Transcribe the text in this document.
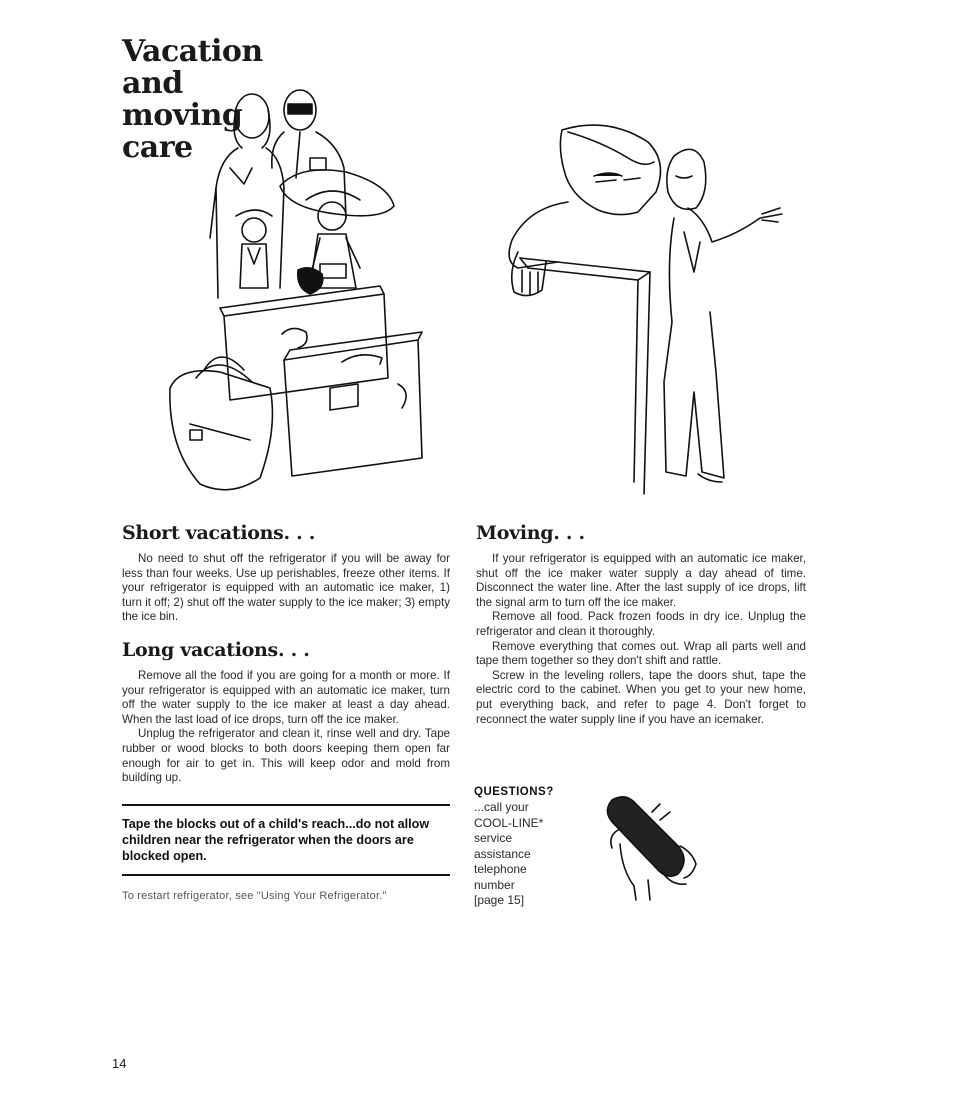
Vacation
and
moving
care
Short vacations. . .

No need to shut off the refrigerator if you will be away for less than four weeks. Use up perishables, freeze other items. If your refrigerator is equipped with an automatic ice maker, 1) turn it off; 2) shut off the water supply to the ice maker; 3) empty the ice bin.

Long vacations. . .

Remove all the food if you are going for a month or more. If your refrigerator is equipped with an automatic ice maker, turn off the water supply to the ice maker at least a day ahead. When the last load of ice drops, turn off the ice maker.

Unplug the refrigerator and clean it, rinse well and dry. Tape rubber or wood blocks to both doors keeping them open far enough for air to get in. This will keep odor and mold from building up.

Tape the blocks out of a child's reach...do not allow children near the refrigerator when the doors are blocked open.

To restart refrigerator, see "Using Your Refrigerator."

Moving. . .

If your refrigerator is equipped with an automatic ice maker, shut off the ice maker water supply a day ahead of time. Disconnect the water line. After the last supply of ice drops, lift the signal arm to turn off the ice maker.

Remove all food. Pack frozen foods in dry ice. Unplug the refrigerator and clean it thoroughly.

Remove everything that comes out. Wrap all parts well and tape them together so they don't shift and rattle.

Screw in the leveling rollers, tape the doors shut, tape the electric cord to the cabinet. When you get to your new home, put everything back, and refer to page 4. Don't forget to reconnect the water supply line if you have an icemaker.

QUESTIONS?

...call your

COOL-LINE*

service

assistance

telephone

number

[page 15]

14
